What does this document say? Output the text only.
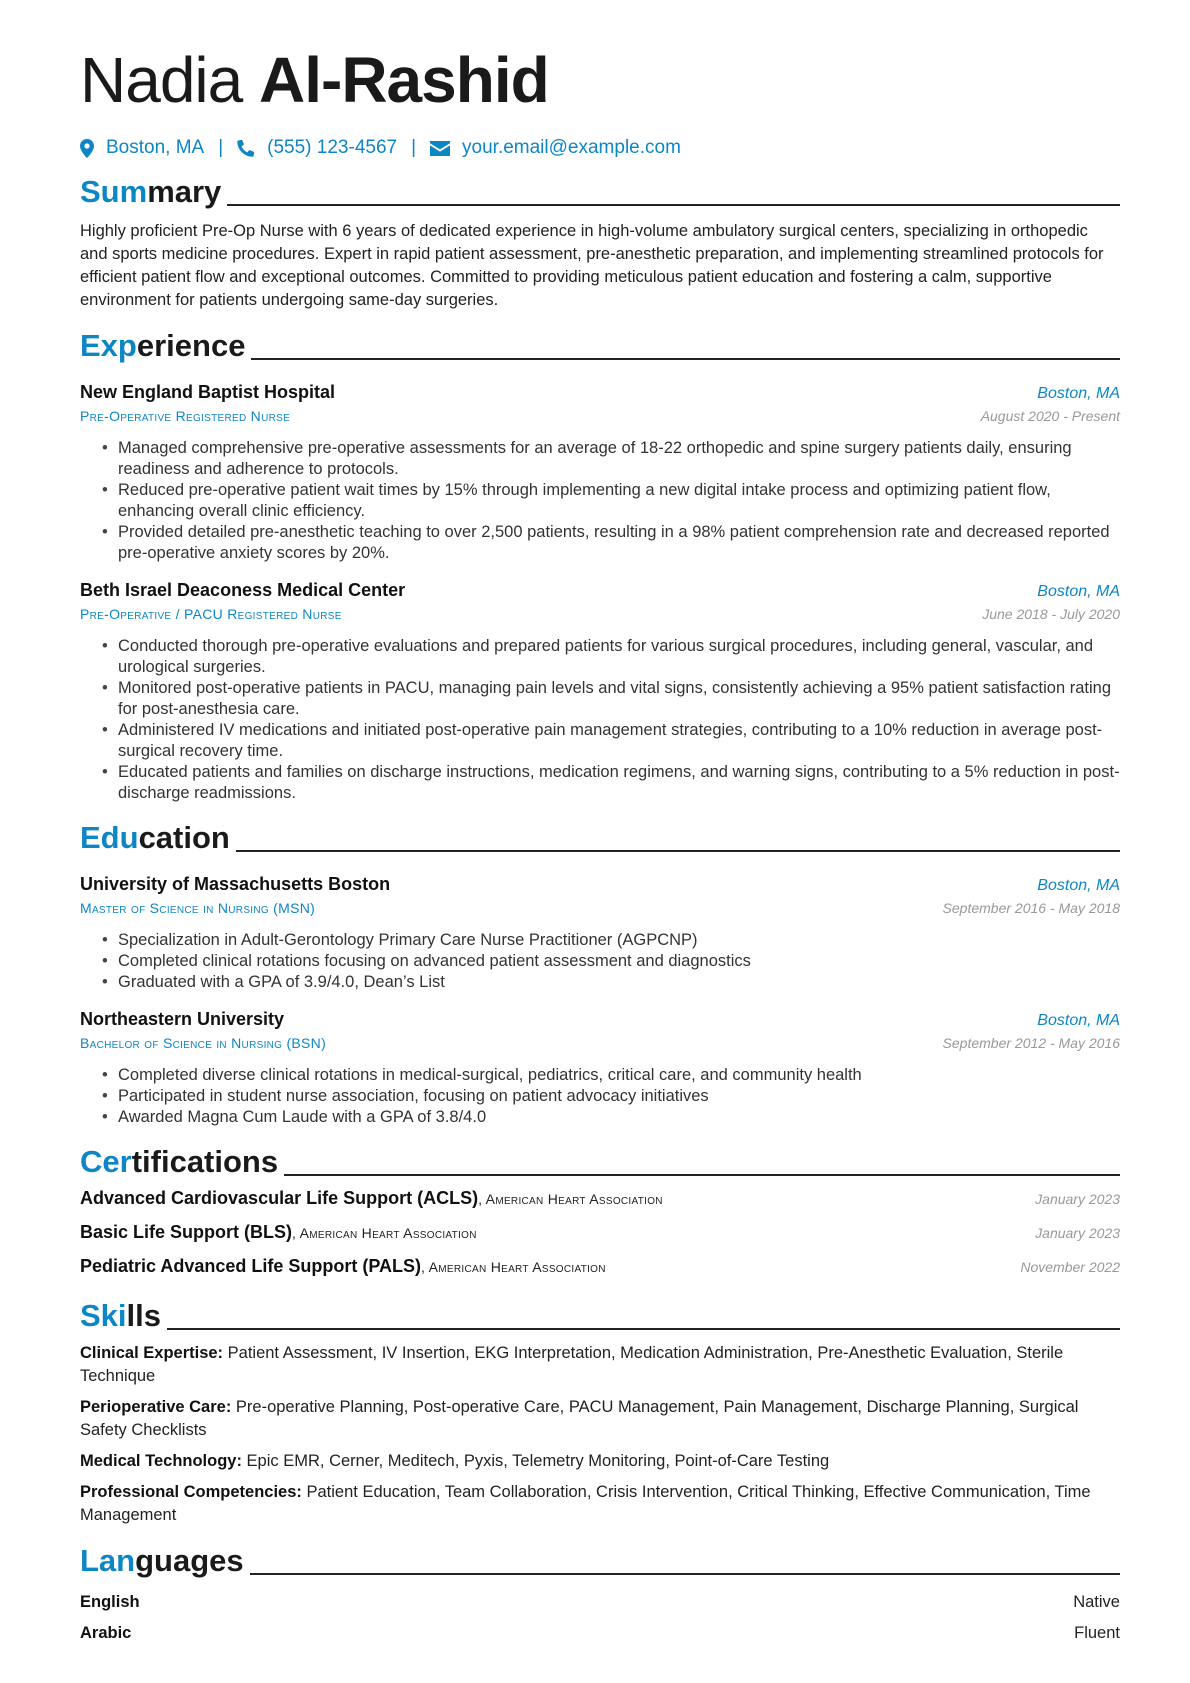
Nadia Al-Rashid
Boston, MA | (555) 123-4567 | your.email@example.com
Summary

Highly proficient Pre-Op Nurse with 6 years of dedicated experience in high-volume ambulatory surgical centers, specializing in orthopedic and sports medicine procedures. Expert in rapid patient assessment, pre-anesthetic preparation, and implementing streamlined protocols for efficient patient flow and exceptional outcomes. Committed to providing meticulous patient education and fostering a calm, supportive environment for patients undergoing same-day surgeries.

Experience
New England Baptist Hospital	Boston, MA
Pre-Operative Registered Nurse	August 2020 - Present
• Managed comprehensive pre-operative assessments for an average of 18-22 orthopedic and spine surgery patients daily, ensuring readiness and adherence to protocols.
• Reduced pre-operative patient wait times by 15% through implementing a new digital intake process and optimizing patient flow, enhancing overall clinic efficiency.
• Provided detailed pre-anesthetic teaching to over 2,500 patients, resulting in a 98% patient comprehension rate and decreased reported pre-operative anxiety scores by 20%.
Beth Israel Deaconess Medical Center	Boston, MA
Pre-Operative / PACU Registered Nurse	June 2018 - July 2020
• Conducted thorough pre-operative evaluations and prepared patients for various surgical procedures, including general, vascular, and urological surgeries.
• Monitored post-operative patients in PACU, managing pain levels and vital signs, consistently achieving a 95% patient satisfaction rating for post-anesthesia care.
• Administered IV medications and initiated post-operative pain management strategies, contributing to a 10% reduction in average post-surgical recovery time.
• Educated patients and families on discharge instructions, medication regimens, and warning signs, contributing to a 5% reduction in post-discharge readmissions.
Education
University of Massachusetts Boston	Boston, MA
Master of Science in Nursing (MSN)	September 2016 - May 2018
• Specialization in Adult-Gerontology Primary Care Nurse Practitioner (AGPCNP)
• Completed clinical rotations focusing on advanced patient assessment and diagnostics
• Graduated with a GPA of 3.9/4.0, Dean’s List
Northeastern University	Boston, MA
Bachelor of Science in Nursing (BSN)	September 2012 - May 2016
• Completed diverse clinical rotations in medical-surgical, pediatrics, critical care, and community health
• Participated in student nurse association, focusing on patient advocacy initiatives
• Awarded Magna Cum Laude with a GPA of 3.8/4.0
Certifications
Advanced Cardiovascular Life Support (ACLS), American Heart Association	January 2023
Basic Life Support (BLS), American Heart Association	January 2023
Pediatric Advanced Life Support (PALS), American Heart Association	November 2022
Skills

Clinical Expertise: Patient Assessment, IV Insertion, EKG Interpretation, Medication Administration, Pre-Anesthetic Evaluation, Sterile Technique

Perioperative Care: Pre-operative Planning, Post-operative Care, PACU Management, Pain Management, Discharge Planning, Surgical Safety Checklists

Medical Technology: Epic EMR, Cerner, Meditech, Pyxis, Telemetry Monitoring, Point-of-Care Testing

Professional Competencies: Patient Education, Team Collaboration, Crisis Intervention, Critical Thinking, Effective Communication, Time Management

Languages
English	Native
Arabic	Fluent
